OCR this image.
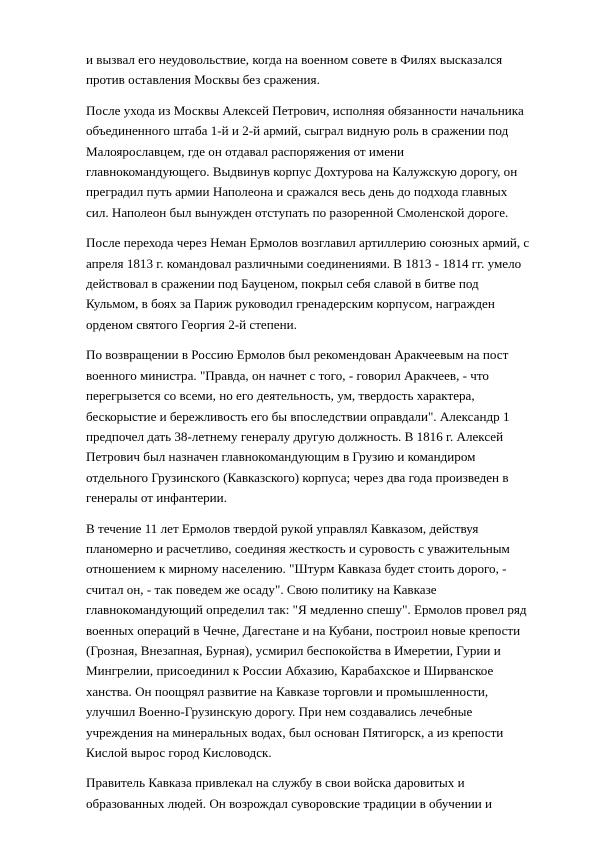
и вызвал его неудовольствие, когда на военном совете в Филях высказался
против оставления Москвы без сражения.

После ухода из Москвы Алексей Петрович, исполняя обязанности начальника
объединенного штаба 1-й и 2-й армий, сыграл видную роль в сражении под
Малоярославцем, где он отдавал распоряжения от имени
главнокомандующего. Выдвинув корпус Дохтурова на Калужскую дорогу, он
преградил путь армии Наполеона и сражался весь день до подхода главных
сил. Наполеон был вынужден отступать по разоренной Смоленской дороге.

После перехода через Неман Ермолов возглавил артиллерию союзных армий, с
апреля 1813 г. командовал различными соединениями. В 1813 - 1814 гг. умело
действовал в сражении под Бауценом, покрыл себя славой в битве под
Кульмом, в боях за Париж руководил гренадерским корпусом, награжден
орденом святого Георгия 2-й степени.

По возвращении в Россию Ермолов был рекомендован Аракчеевым на пост
военного министра. "Правда, он начнет с того, - говорил Аракчеев, - что
перегрызется со всеми, но его деятельность, ум, твердость характера,
бескорыстие и бережливость его бы впоследствии оправдали". Александр 1
предпочел дать 38-летнему генералу другую должность. В 1816 г. Алексей
Петрович был назначен главнокомандующим в Грузию и командиром
отдельного Грузинского (Кавказского) корпуса; через два года произведен в
генералы от инфантерии.

В течение 11 лет Ермолов твердой рукой управлял Кавказом, действуя
планомерно и расчетливо, соединяя жесткость и суровость с уважительным
отношением к мирному населению. "Штурм Кавказа будет стоить дорого, -
считал он, - так поведем же осаду". Свою политику на Кавказе
главнокомандующий определил так: "Я медленно спешу". Ермолов провел ряд
военных операций в Чечне, Дагестане и на Кубани, построил новые крепости
(Грозная, Внезапная, Бурная), усмирил беспокойства в Имеретии, Гурии и
Мингрелии, присоединил к России Абхазию, Карабахское и Ширванское
ханства. Он поощрял развитие на Кавказе торговли и промышленности,
улучшил Военно-Грузинскую дорогу. При нем создавались лечебные
учреждения на минеральных водах, был основан Пятигорск, а из крепости
Кислой вырос город Кисловодск.

Правитель Кавказа привлекал на службу в свои войска даровитых и
образованных людей. Он возрождал суворовские традиции в обучении и
